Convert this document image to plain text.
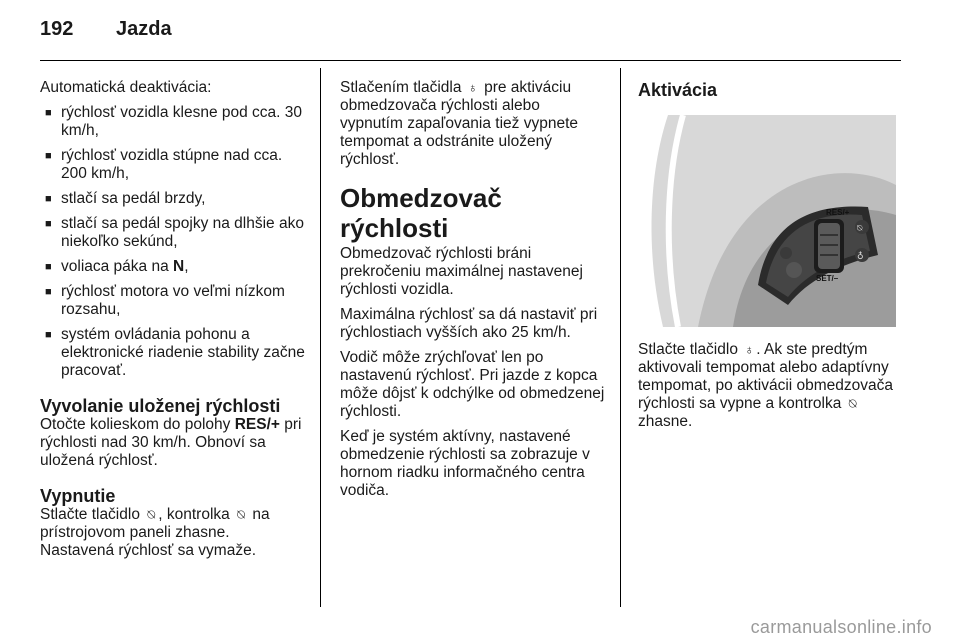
192 Jazda

Automatická deaktivácia:

■ rýchlosť vozidla klesne pod cca. 30 km/h,
■ rýchlosť vozidla stúpne nad cca. 200 km/h,
■ stlačí sa pedál brzdy,
■ stlačí sa pedál spojky na dlhšie ako niekoľko sekúnd,
■ voliaca páka na N,
■ rýchlosť motora vo veľmi nízkom rozsahu,
■ systém ovládania pohonu a elektronické riadenie stability začne pracovať.
Vyvolanie uloženej rýchlosti

Otočte kolieskom do polohy RES/+ pri rýchlosti nad 30 km/h. Obnoví sa uložená rýchlosť.

Vypnutie

Stlačte tlačidlo ⍉ , kontrolka ⍉ na prístrojovom paneli zhasne.
Nastavená rýchlosť sa vymaže.

Stlačením tlačidla ♁ pre aktiváciu obmedzovača rýchlosti alebo vypnutím zapaľovania tiež vypnete tempomat a odstránite uložený rýchlosť.

Obmedzovač rýchlosti

Obmedzovač rýchlosti bráni prekročeniu maximálnej nastavenej rýchlosti vozidla.

Maximálna rýchlosť sa dá nastaviť pri rýchlostiach vyšších ako 25 km/h.

Vodič môže zrýchľovať len po nastavenú rýchlosť. Pri jazde z kopca môže dôjsť k odchýlke od obmedzenej rýchlosti.

Keď je systém aktívny, nastavené obmedzenie rýchlosti sa zobrazuje v hornom riadku informačného centra vodiča.

Aktivácia
RES/+
SET/–
⍉
♁

Stlačte tlačidlo ♁ . Ak ste predtým aktivovali tempomat alebo adaptívny tempomat, po aktivácii obmedzovača rýchlosti sa vypne a kontrolka ⍉ zhasne.

carmanualsonline.info
